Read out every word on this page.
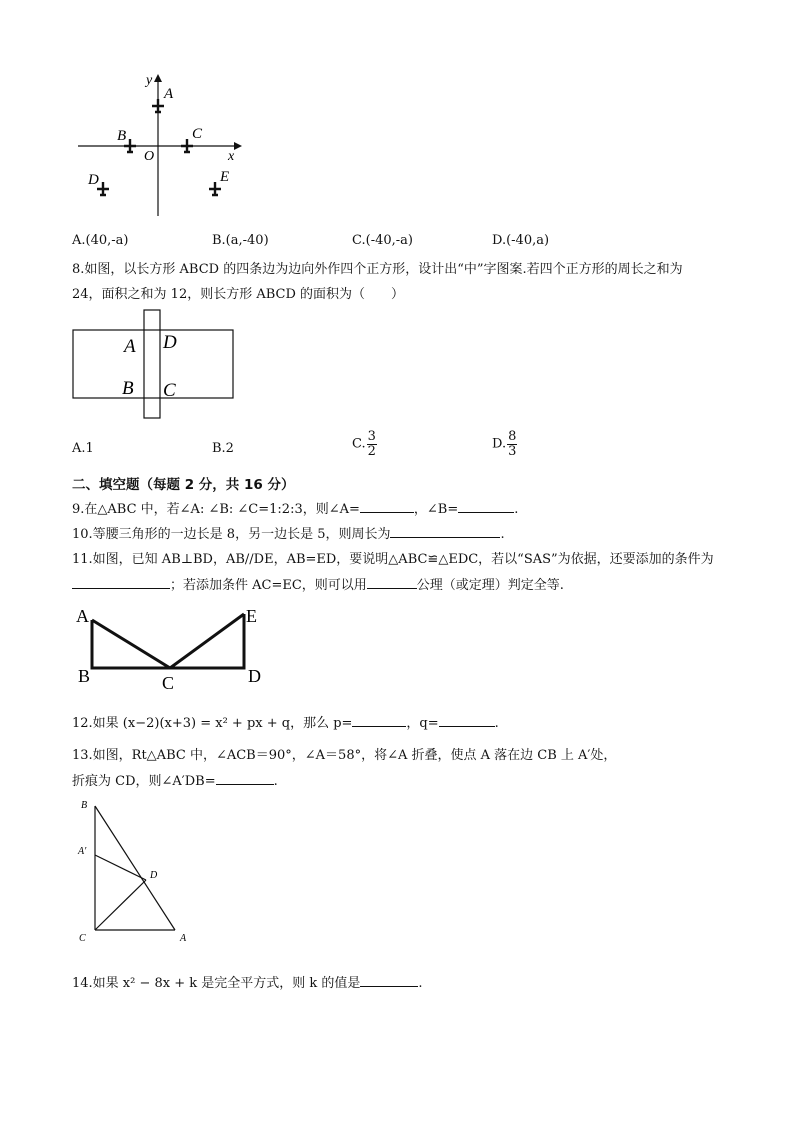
y
x
O
A
B	C
D	E
A.(40,-a)	B.(a,-40)	C.(-40,-a)	D.(-40,a)
8.如图，以长方形 ABCD 的四条边为边向外作四个正方形，设计出“中”字图案.若四个正方形的周长之和为
24，面积之和为 12，则长方形 ABCD 的面积为（　　）
A D
B C
A.1	B.2	C. $\frac{3}{2}$	D. $\frac{8}{3}$
二、填空题（每题 2 分，共 16 分）
9.在△ABC 中，若∠A: ∠B: ∠C=1:2:3，则∠A=	，∠B=	.
10.等腰三角形的一边长是 8，另一边长是 5，则周长为	.
11.如图，已知 AB⊥BD，AB//DE，AB=ED，要说明△ABC≌△EDC，若以“SAS”为依据，还要添加的条件为
；若添加条件 AC=EC，则可以用	公理（或定理）判定全等.
A
B	C	D
E
12.如果 (x−2)(x+3) = x² + px + q，那么 p=	，q=	.
13.如图，Rt△ABC 中，∠ACB＝90°，∠A＝58°，将∠A 折叠，使点 A 落在边 CB 上 A′处，
折痕为 CD，则∠A′DB=	.
B
A′
D
C	A
14.如果 x² − 8x + k 是完全平方式，则 k 的值是	.
